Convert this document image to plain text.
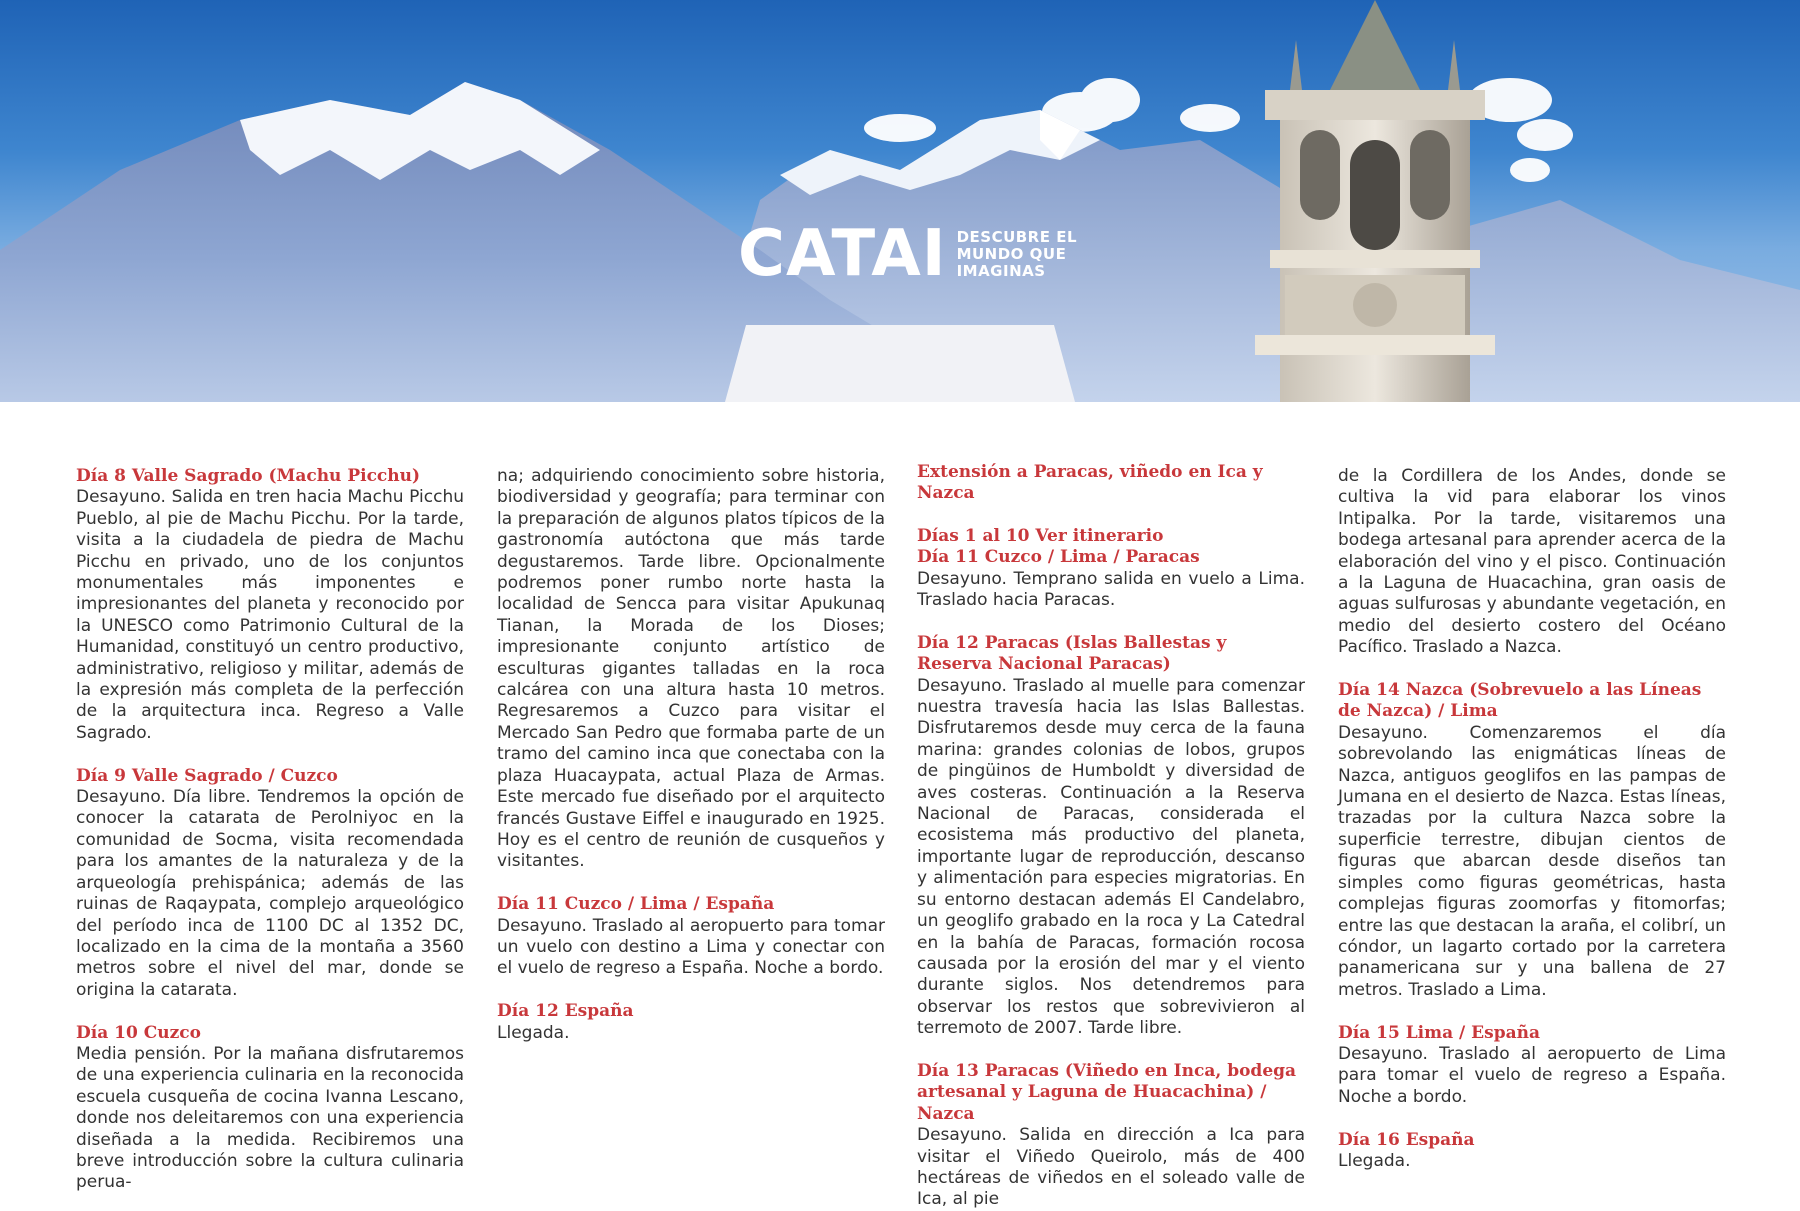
CATAI DESCUBRE EL
MUNDO QUE
IMAGINAS

Día 8 Valle Sagrado (Machu Picchu)
Desayuno. Salida en tren hacia Machu Picchu Pueblo, al pie de Machu Picchu. Por la tarde, visita a la ciudadela de piedra de Machu Picchu en privado, uno de los conjuntos monumentales más imponentes e impresionantes del planeta y reconocido por la UNESCO como Patrimonio Cultural de la Humanidad, constituyó un centro productivo, administrativo, religioso y militar, además de la expresión más completa de la perfección de la arquitectura inca. Regreso a Valle Sagrado.

Día 9 Valle Sagrado / Cuzco
Desayuno. Día libre. Tendremos la opción de conocer la catarata de Perolniyoc en la comunidad de Socma, visita recomendada para los amantes de la naturaleza y de la arqueología prehispánica; además de las ruinas de Raqaypata, complejo arqueológico del período inca de 1100 DC al 1352 DC, localizado en la cima de la montaña a 3560 metros sobre el nivel del mar, donde se origina la catarata.

Día 10 Cuzco
Media pensión. Por la mañana disfrutaremos de una experiencia culinaria en la reconocida escuela cusqueña de cocina Ivanna Lescano, donde nos deleitaremos con una experiencia diseñada a la medida. Recibiremos una breve introducción sobre la cultura culinaria perua-

na; adquiriendo conocimiento sobre historia, biodiversidad y geografía; para terminar con la preparación de algunos platos típicos de la gastronomía autóctona que más tarde degustaremos. Tarde libre. Opcionalmente podremos poner rumbo norte hasta la localidad de Sencca para visitar Apukunaq Tianan, la Morada de los Dioses; impresionante conjunto artístico de esculturas gigantes talladas en la roca calcárea con una altura hasta 10 metros. Regresaremos a Cuzco para visitar el Mercado San Pedro que formaba parte de un tramo del camino inca que conectaba con la plaza Huacaypata, actual Plaza de Armas. Este mercado fue diseñado por el arquitecto francés Gustave Eiffel e inaugurado en 1925. Hoy es el centro de reunión de cusqueños y visitantes.

Día 11 Cuzco / Lima / España
Desayuno. Traslado al aeropuerto para tomar un vuelo con destino a Lima y conectar con el vuelo de regreso a España. Noche a bordo.

Día 12 España
Llegada.

Extensión a Paracas, viñedo en Ica y Nazca

Días 1 al 10 Ver itinerario

Día 11 Cuzco / Lima / Paracas
Desayuno. Temprano salida en vuelo a Lima. Traslado hacia Paracas.

Día 12 Paracas (Islas Ballestas y Reserva Nacional Paracas)
Desayuno. Traslado al muelle para comenzar nuestra travesía hacia las Islas Ballestas. Disfrutaremos desde muy cerca de la fauna marina: grandes colonias de lobos, grupos de pingüinos de Humboldt y diversidad de aves costeras. Continuación a la Reserva Nacional de Paracas, considerada el ecosistema más productivo del planeta, importante lugar de reproducción, descanso y alimentación para especies migratorias. En su entorno destacan además El Candelabro, un geoglifo grabado en la roca y La Catedral en la bahía de Paracas, formación rocosa causada por la erosión del mar y el viento durante siglos. Nos detendremos para observar los restos que sobrevivieron al terremoto de 2007. Tarde libre.

Día 13 Paracas (Viñedo en Inca, bodega artesanal y Laguna de Huacachina) / Nazca
Desayuno. Salida en dirección a Ica para visitar el Viñedo Queirolo, más de 400 hectáreas de viñedos en el soleado valle de Ica, al pie

de la Cordillera de los Andes, donde se cultiva la vid para elaborar los vinos Intipalka. Por la tarde, visitaremos una bodega artesanal para aprender acerca de la elaboración del vino y el pisco. Continuación a la Laguna de Huacachina, gran oasis de aguas sulfurosas y abundante vegetación, en medio del desierto costero del Océano Pacífico. Traslado a Nazca.

Día 14 Nazca (Sobrevuelo a las Líneas de Nazca) / Lima
Desayuno. Comenzaremos el día sobrevolando las enigmáticas líneas de Nazca, antiguos geoglifos en las pampas de Jumana en el desierto de Nazca. Estas líneas, trazadas por la cultura Nazca sobre la superficie terrestre, dibujan cientos de figuras que abarcan desde diseños tan simples como figuras geométricas, hasta complejas figuras zoomorfas y fitomorfas; entre las que destacan la araña, el colibrí, un cóndor, un lagarto cortado por la carretera panamericana sur y una ballena de 27 metros. Traslado a Lima.

Día 15 Lima / España
Desayuno. Traslado al aeropuerto de Lima para tomar el vuelo de regreso a España. Noche a bordo.

Día 16 España
Llegada.
